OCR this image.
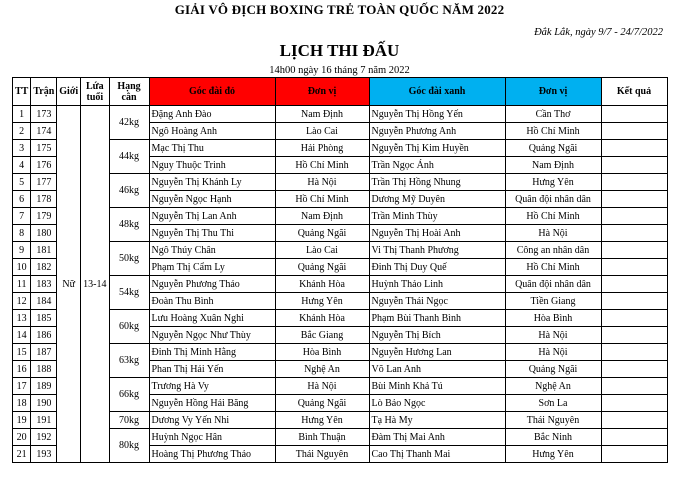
GIẢI VÔ ĐỊCH BOXING TRẺ TOÀN QUỐC NĂM 2022
Đắk Lắk, ngày 9/7 - 24/7/2022
LỊCH THI ĐẤU
14h00 ngày 16 tháng 7 năm 2022
TT	Trận	Giới	Lứa tuổi	Hạng cân	Góc đài đỏ	Đơn vị	Góc đài xanh	Đơn vị	Kết quả
1	173	Nữ	13-14	42kg	Đặng Anh Đào	Nam Định	Nguyễn Thị Hồng Yến	Cần Thơ	
2	174				Ngô Hoàng Anh	Lào Cai	Nguyễn Phương Anh	Hồ Chí Minh	
3	175			44kg	Mạc Thị Thu	Hải Phòng	Nguyễn Thị Kim Huyền	Quảng Ngãi	
4	176				Nguy Thuộc Trinh	Hồ Chí Minh	Trần Ngọc Ánh	Nam Định	
5	177			46kg	Nguyễn Thị Khánh Ly	Hà Nội	Trần Thị Hồng Nhung	Hưng Yên	
6	178				Nguyễn Ngọc Hạnh	Hồ Chí Minh	Dương Mỹ Duyên	Quân đội nhân dân	
7	179			48kg	Nguyễn Thị Lan Anh	Nam Định	Trần Minh Thùy	Hồ Chí Minh	
8	180				Nguyễn Thị Thu Thi	Quảng Ngãi	Nguyễn Thị Hoài Anh	Hà Nội	
9	181			50kg	Ngô Thúy Chân	Lào Cai	Vi Thị Thanh Phương	Công an nhân dân	
10	182				Phạm Thị Cẩm Ly	Quảng Ngãi	Đinh Thị Duy Quế	Hồ Chí Minh	
11	183			54kg	Nguyễn Phương Thảo	Khánh Hòa	Huỳnh Thảo Linh	Quân đội nhân dân	
12	184				Đoàn Thu Bình	Hưng Yên	Nguyễn Thái Ngọc	Tiền Giang	
13	185			60kg	Lưu Hoàng Xuân Nghi	Khánh Hòa	Phạm Bùi Thanh Bình	Hòa Bình	
14	186				Nguyễn Ngọc Như Thùy	Bắc Giang	Nguyễn Thị Bích	Hà Nội	
15	187			63kg	Đinh Thị Minh Hằng	Hòa Bình	Nguyễn Hương Lan	Hà Nội	
16	188				Phan Thị Hải Yến	Nghệ An	Võ Lan Anh	Quảng Ngãi	
17	189			66kg	Trương Hà Vy	Hà Nội	Bùi Minh Khả Tú	Nghệ An	
18	190				Nguyễn Hồng Hải Băng	Quảng Ngãi	Lò Bảo Ngọc	Sơn La	
19	191			70kg	Dương Vy Yến Nhi	Hưng Yên	Tạ Hà My	Thái Nguyên	
20	192			80kg	Huỳnh Ngọc Hân	Bình Thuận	Đàm Thị Mai Anh	Bắc Ninh	
21	193				Hoàng Thị Phương Thảo	Thái Nguyên	Cao Thị Thanh Mai	Hưng Yên	
